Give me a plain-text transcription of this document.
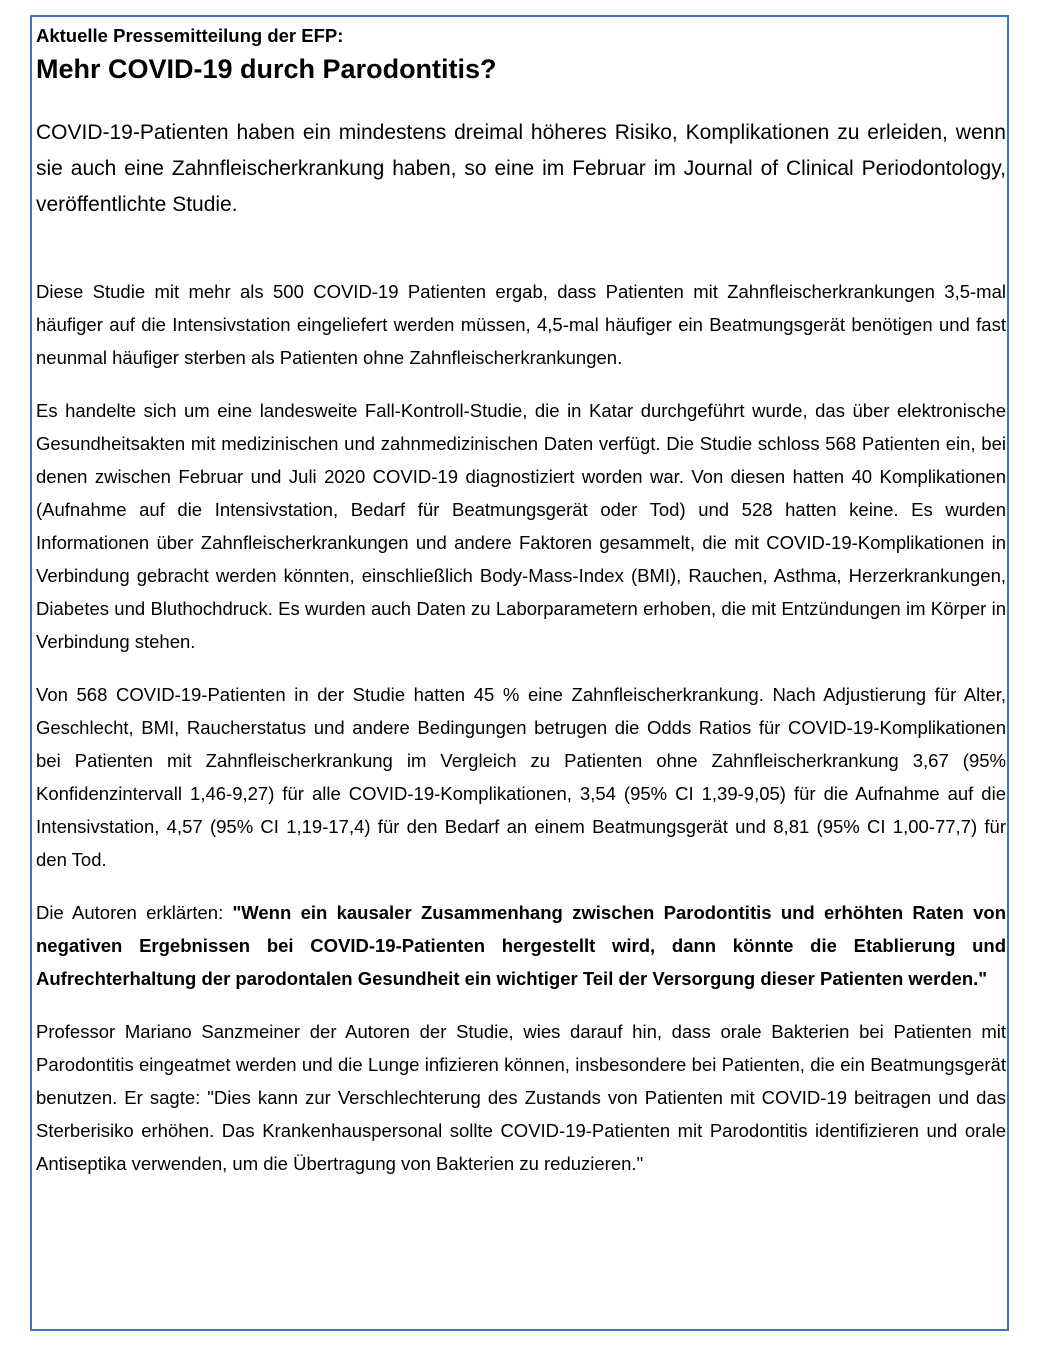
Aktuelle Pressemitteilung der EFP:

Mehr COVID-19 durch Parodontitis?

COVID-19-Patienten haben ein mindestens dreimal höheres Risiko, Komplikationen zu erleiden, wenn sie auch eine Zahnfleischerkrankung haben, so eine im Februar im Journal of Clinical Periodontology, veröffentlichte Studie.

Diese Studie mit mehr als 500 COVID-19 Patienten ergab, dass Patienten mit Zahnfleischerkrankungen 3,5-mal häufiger auf die Intensivstation eingeliefert werden müssen, 4,5-mal häufiger ein Beatmungsgerät benötigen und fast neunmal häufiger sterben als Patienten ohne Zahnfleischerkrankungen.

Es handelte sich um eine landesweite Fall-Kontroll-Studie, die in Katar durchgeführt wurde, das über elektronische Gesundheitsakten mit medizinischen und zahnmedizinischen Daten verfügt. Die Studie schloss 568 Patienten ein, bei denen zwischen Februar und Juli 2020 COVID-19 diagnostiziert worden war. Von diesen hatten 40 Komplikationen (Aufnahme auf die Intensivstation, Bedarf für Beatmungsgerät oder Tod) und 528 hatten keine. Es wurden Informationen über Zahnfleischerkrankungen und andere Faktoren gesammelt, die mit COVID-19-Komplikationen in Verbindung gebracht werden könnten, einschließlich Body-Mass-Index (BMI), Rauchen, Asthma, Herzerkrankungen, Diabetes und Bluthochdruck. Es wurden auch Daten zu Laborparametern erhoben, die mit Entzündungen im Körper in Verbindung stehen.

Von 568 COVID-19-Patienten in der Studie hatten 45 % eine Zahnfleischerkrankung. Nach Adjustierung für Alter, Geschlecht, BMI, Raucherstatus und andere Bedingungen betrugen die Odds Ratios für COVID-19-Komplikationen bei Patienten mit Zahnfleischerkrankung im Vergleich zu Patienten ohne Zahnfleischerkrankung 3,67 (95% Konfidenzintervall 1,46-9,27) für alle COVID-19-Komplikationen, 3,54 (95% CI 1,39-9,05) für die Aufnahme auf die Intensivstation, 4,57 (95% CI 1,19-17,4) für den Bedarf an einem Beatmungsgerät und 8,81 (95% CI 1,00-77,7) für den Tod.

Die Autoren erklärten: "Wenn ein kausaler Zusammenhang zwischen Parodontitis und erhöhten Raten von negativen Ergebnissen bei COVID-19-Patienten hergestellt wird, dann könnte die Etablierung und Aufrechterhaltung der parodontalen Gesundheit ein wichtiger Teil der Versorgung dieser Patienten werden."

Professor Mariano Sanzmeiner der Autoren der Studie, wies darauf hin, dass orale Bakterien bei Patienten mit Parodontitis eingeatmet werden und die Lunge infizieren können, insbesondere bei Patienten, die ein Beatmungsgerät benutzen. Er sagte: "Dies kann zur Verschlechterung des Zustands von Patienten mit COVID-19 beitragen und das Sterberisiko erhöhen. Das Krankenhauspersonal sollte COVID-19-Patienten mit Parodontitis identifizieren und orale Antiseptika verwenden, um die Übertragung von Bakterien zu reduzieren."
